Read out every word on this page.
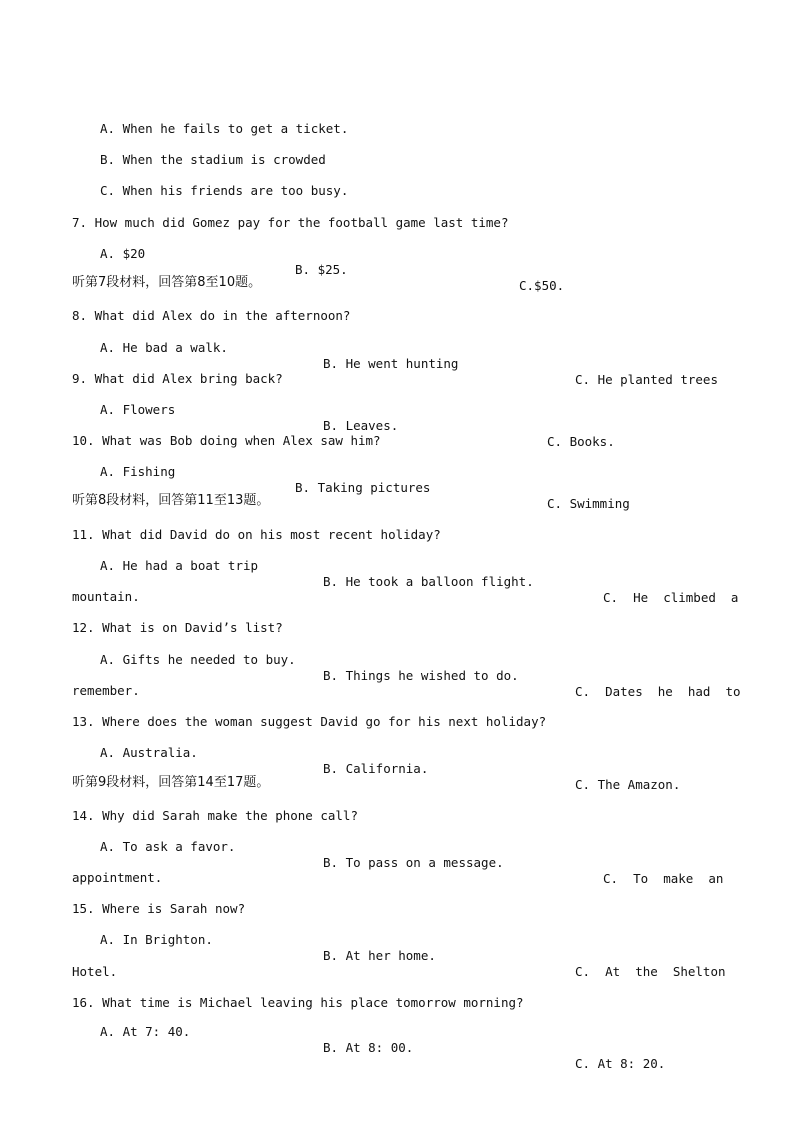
A. When he fails to get a ticket.

B. When the stadium is crowded

C. When his friends are too busy.

7. How much did Gomez pay for the football game last time?

A. $20

B. $25.

C.$50.

听第7段材料，回答第8至10题。

8. What did Alex do in the afternoon?

A. He bad a walk.

B. He went hunting

C. He planted trees

9. What did Alex bring back?

A. Flowers

B. Leaves.

C. Books.

10. What was Bob doing when Alex saw him?

A. Fishing

B. Taking pictures

C. Swimming

听第8段材料，回答第11至13题。

11. What did David do on his most recent holiday?

A. He had a boat trip

B. He took a balloon flight.

C.  He  climbed  a

mountain.

12. What is on David’s list?

A. Gifts he needed to buy.

B. Things he wished to do.

C.  Dates  he  had  to

remember.

13. Where does the woman suggest David go for his next holiday?

A. Australia.

B. California.

C. The Amazon.

听第9段材料，回答第14至17题。

14. Why did Sarah make the phone call?

A. To ask a favor.

B. To pass on a message.

C.  To  make  an

appointment.

15. Where is Sarah now?

A. In Brighton.

B. At her home.

C.  At  the  Shelton

Hotel.

16. What time is Michael leaving his place tomorrow morning?

A. At 7: 40.

B. At 8: 00.

C. At 8: 20.
